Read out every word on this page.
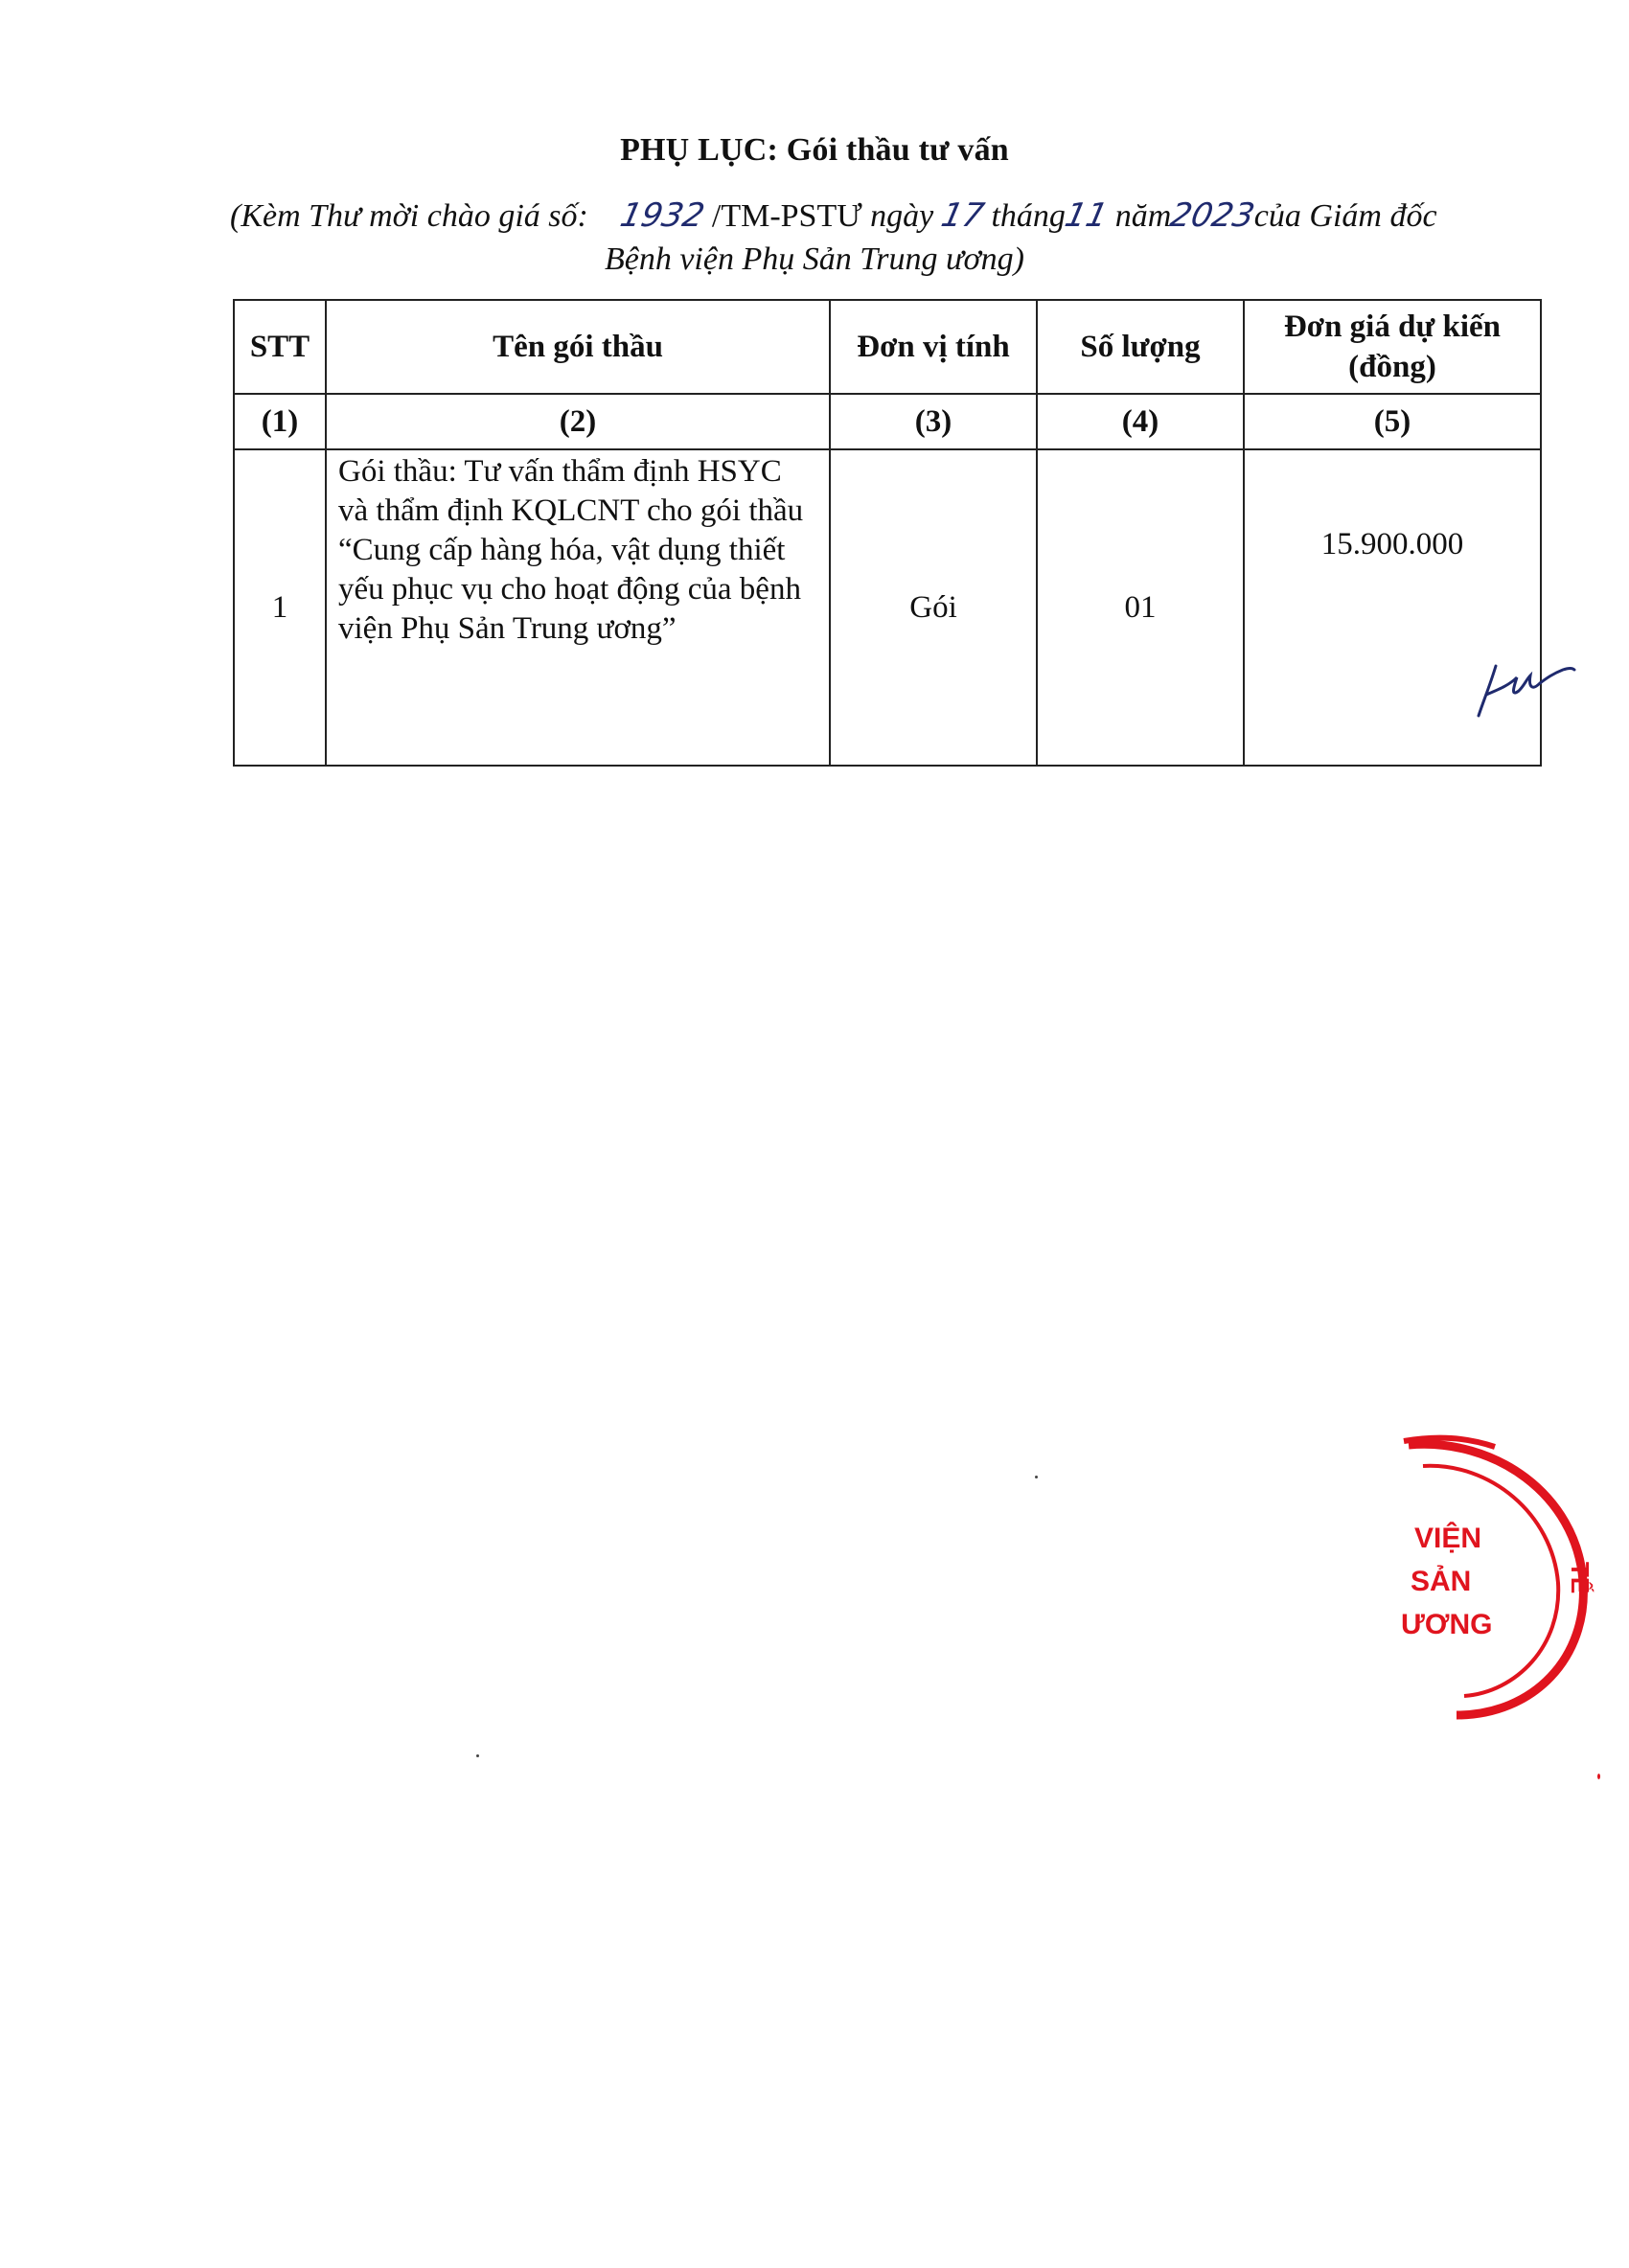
PHỤ LỤC: Gói thầu tư vấn
(Kèm Thư mời chào giá số: 1932 /TM-PSTƯ ngày 17 tháng11 năm2023của Giám đốc
Bệnh viện Phụ Sản Trung ương)
STT	Tên gói thầu	Đơn vị tính	Số lượng	Đơn giá dự kiến (đồng)
(1)	(2)	(3)	(4)	(5)
1	Gói thầu: Tư vấn thẩm định HSYC và thẩm định KQLCNT cho gói thầu “Cung cấp hàng hóa, vật dụng thiết yếu phục vụ cho hoạt động của bệnh viện Phụ Sản Trung ương”	Gói	01	15.900.000
VIỆN
SẢN
ƯƠNG
TẾ
